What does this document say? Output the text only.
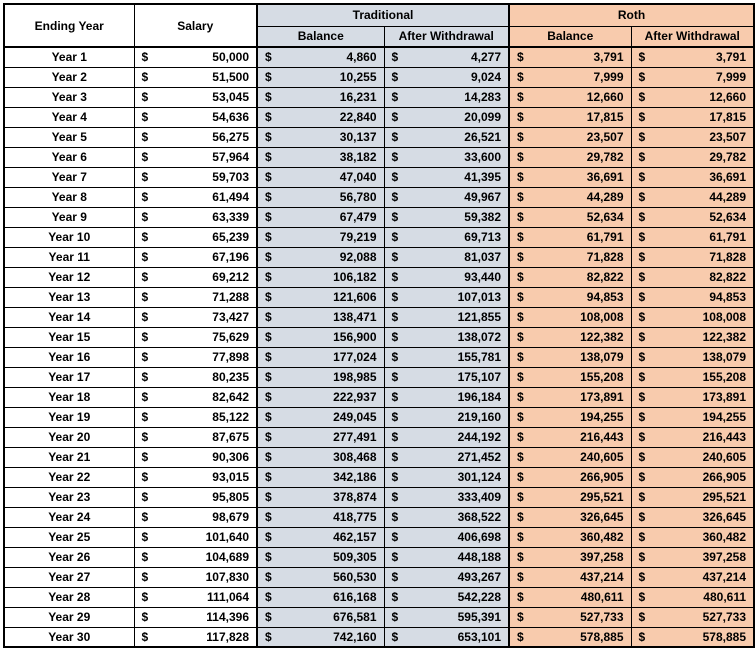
Ending Year	Salary	Traditional		Roth	
		Balance	After Withdrawal	Balance	After Withdrawal
Year 1	$ 50,000	$ 4,860	$ 4,277	$ 3,791	$ 3,791

Year 2	$ 51,500	$ 10,255	$ 9,024	$ 7,999	$ 7,999

Year 3	$ 53,045	$ 16,231	$ 14,283	$ 12,660	$ 12,660

Year 4	$ 54,636	$ 22,840	$ 20,099	$ 17,815	$ 17,815

Year 5	$ 56,275	$ 30,137	$ 26,521	$ 23,507	$ 23,507

Year 6	$ 57,964	$ 38,182	$ 33,600	$ 29,782	$ 29,782

Year 7	$ 59,703	$ 47,040	$ 41,395	$ 36,691	$ 36,691

Year 8	$ 61,494	$ 56,780	$ 49,967	$ 44,289	$ 44,289

Year 9	$ 63,339	$ 67,479	$ 59,382	$ 52,634	$ 52,634

Year 10	$ 65,239	$ 79,219	$ 69,713	$ 61,791	$ 61,791

Year 11	$ 67,196	$ 92,088	$ 81,037	$ 71,828	$ 71,828

Year 12	$ 69,212	$ 106,182	$ 93,440	$ 82,822	$ 82,822

Year 13	$ 71,288	$ 121,606	$ 107,013	$ 94,853	$ 94,853

Year 14	$ 73,427	$ 138,471	$ 121,855	$ 108,008	$ 108,008

Year 15	$ 75,629	$ 156,900	$ 138,072	$ 122,382	$ 122,382

Year 16	$ 77,898	$ 177,024	$ 155,781	$ 138,079	$ 138,079

Year 17	$ 80,235	$ 198,985	$ 175,107	$ 155,208	$ 155,208

Year 18	$ 82,642	$ 222,937	$ 196,184	$ 173,891	$ 173,891

Year 19	$ 85,122	$ 249,045	$ 219,160	$ 194,255	$ 194,255

Year 20	$ 87,675	$ 277,491	$ 244,192	$ 216,443	$ 216,443

Year 21	$ 90,306	$ 308,468	$ 271,452	$ 240,605	$ 240,605

Year 22	$ 93,015	$ 342,186	$ 301,124	$ 266,905	$ 266,905

Year 23	$ 95,805	$ 378,874	$ 333,409	$ 295,521	$ 295,521

Year 24	$ 98,679	$ 418,775	$ 368,522	$ 326,645	$ 326,645

Year 25	$ 101,640	$ 462,157	$ 406,698	$ 360,482	$ 360,482

Year 26	$ 104,689	$ 509,305	$ 448,188	$ 397,258	$ 397,258

Year 27	$ 107,830	$ 560,530	$ 493,267	$ 437,214	$ 437,214

Year 28	$ 111,064	$ 616,168	$ 542,228	$ 480,611	$ 480,611

Year 29	$ 114,396	$ 676,581	$ 595,391	$ 527,733	$ 527,733

Year 30	$ 117,828	$ 742,160	$ 653,101	$ 578,885	$ 578,885
